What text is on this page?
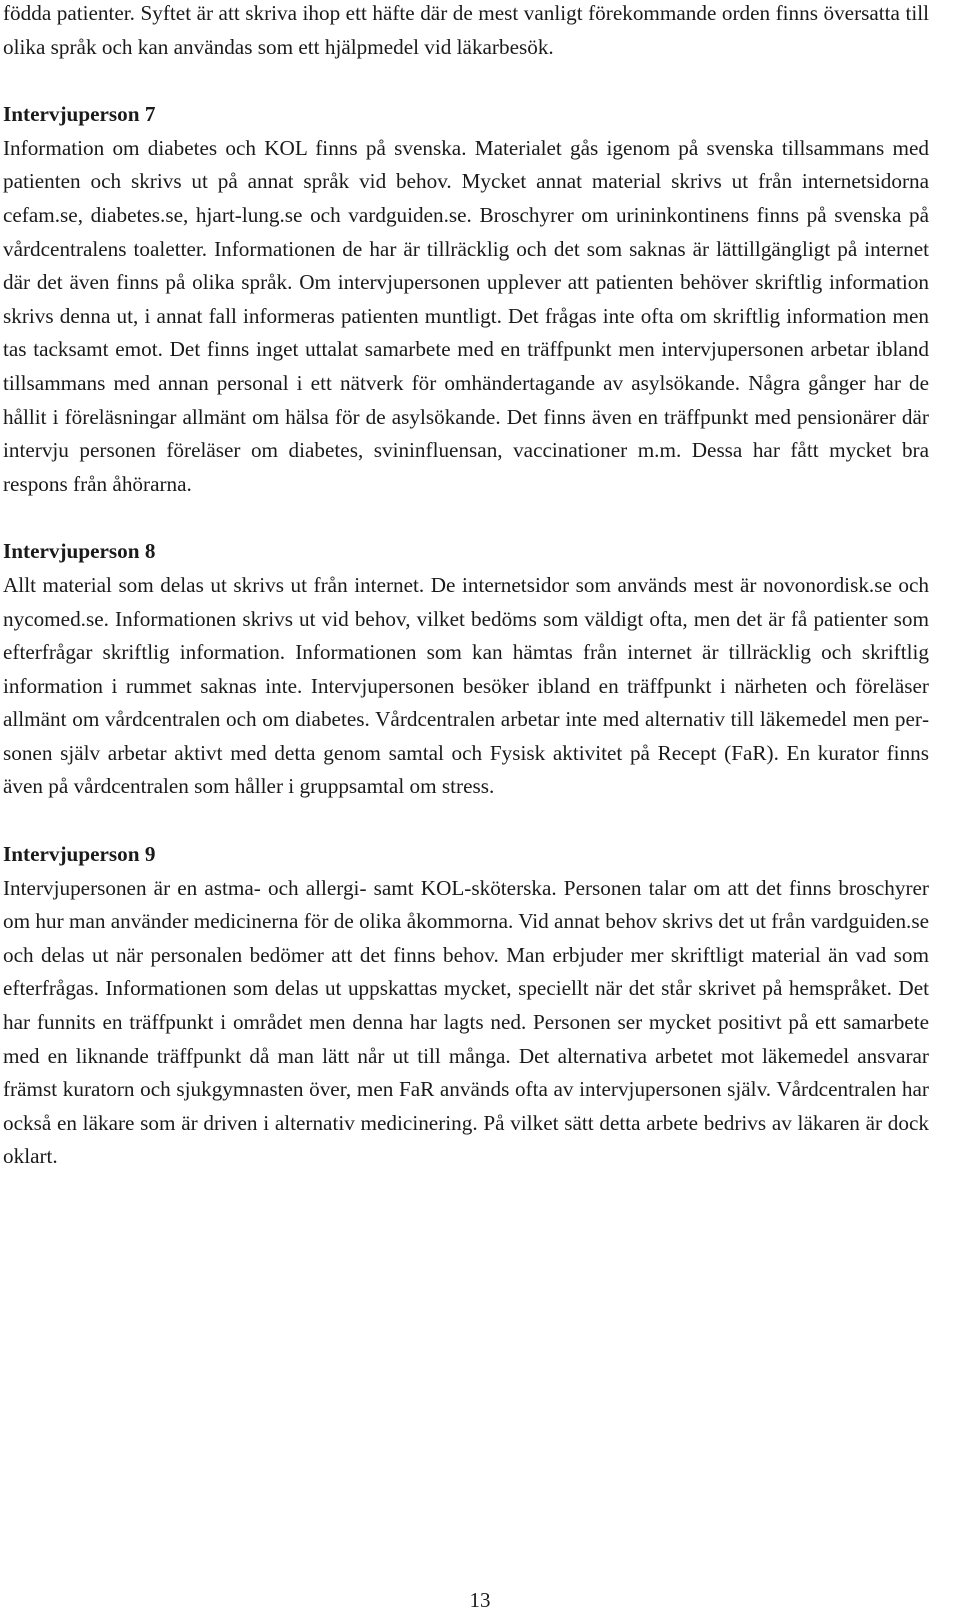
födda patienter. Syftet är att skriva ihop ett häfte där de mest vanligt förekommande orden finns översatta till olika språk och kan användas som ett hjälpmedel vid läkarbesök.

Intervjuperson 7

Information om diabetes och KOL finns på svenska. Materialet gås igenom på svenska tillsammans med patienten och skrivs ut på annat språk vid behov. Mycket annat material skrivs ut från internetsidorna cefam.se, diabetes.se, hjart-lung.se och vardguiden.se. Broschyrer om urininkontinens finns på svenska på vårdcentralens toaletter. Informationen de har är tillräcklig och det som saknas är lättillgängligt på internet där det även finns på olika språk. Om intervjupersonen upplever att patienten behöver skriftlig information skrivs denna ut, i annat fall informeras patienten muntligt. Det frågas inte ofta om skriftlig information men tas tacksamt emot. Det finns inget uttalat samarbete med en träffpunkt men intervjupersonen arbetar ibland tillsammans med annan personal i ett nätverk för omhändertagande av asylsökande. Några gånger har de hållit i föreläsningar allmänt om hälsa för de asylsökande. Det finns även en träffpunkt med pensionärer där intervju personen föreläser om diabetes, svininfluensan, vaccinationer m.m. Dessa har fått mycket bra respons från åhörarna.

Intervjuperson 8

Allt material som delas ut skrivs ut från internet. De internetsidor som används mest är novonordisk.se och nycomed.se. Informationen skrivs ut vid behov, vilket bedöms som väldigt ofta, men det är få patienter som efterfrågar skriftlig information. Informationen som kan hämtas från internet är tillräcklig och skriftlig information i rummet saknas inte. Intervjupersonen besöker ibland en träffpunkt i närheten och föreläser allmänt om vårdcentralen och om diabetes. Vårdcentralen arbetar inte med alternativ till läkemedel men personen själv arbetar aktivt med detta genom samtal och Fysisk aktivitet på Recept (FaR). En kurator finns även på vårdcentralen som håller i gruppsamtal om stress.

Intervjuperson 9

Intervjupersonen är en astma- och allergi- samt KOL-sköterska. Personen talar om att det finns broschyrer om hur man använder medicinerna för de olika åkommorna. Vid annat behov skrivs det ut från vardguiden.se och delas ut när personalen bedömer att det finns behov. Man erbjuder mer skriftligt material än vad som efterfrågas. Informationen som delas ut uppskattas mycket, speciellt när det står skrivet på hemspråket. Det har funnits en träffpunkt i området men denna har lagts ned. Personen ser mycket positivt på ett samarbete med en liknande träffpunkt då man lätt når ut till många. Det alternativa arbetet mot läkemedel ansvarar främst kuratorn och sjukgymnasten över, men FaR används ofta av intervjupersonen själv. Vårdcentralen har också en läkare som är driven i alternativ medicinering. På vilket sätt detta arbete bedrivs av läkaren är dock oklart.

13
